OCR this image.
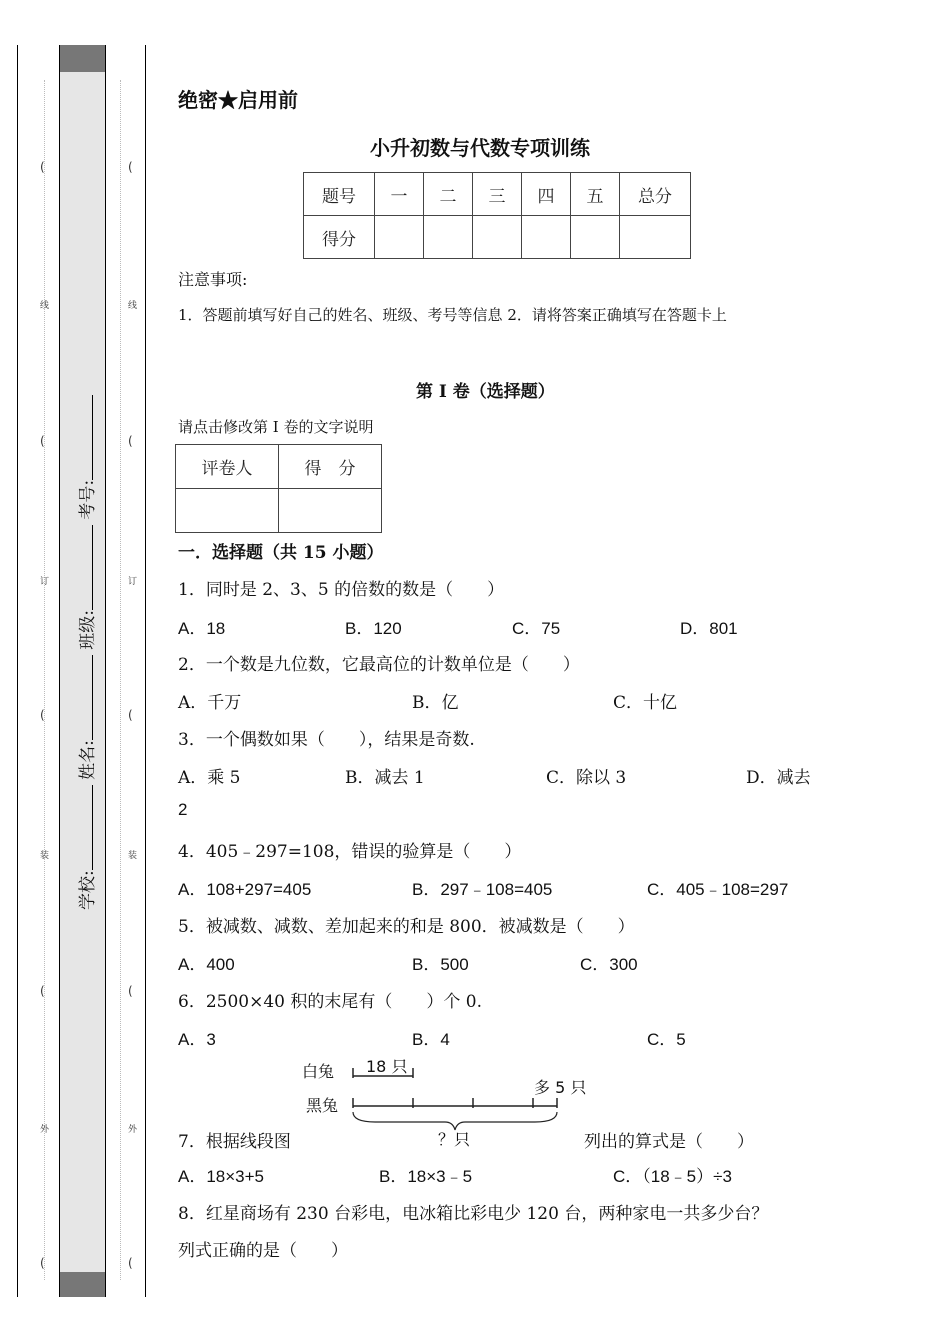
(	(
线	线
(	(
订	订
(	(
装	装
(	(
外	外
(	(
学校: 姓名: 班级: 考号:
绝密★启用前
小升初数与代数专项训练
题号	一	二	三	四	五	总分
得分						
注意事项:
1．答题前填写好自己的姓名、班级、考号等信息 2．请将答案正确填写在答题卡上
第 I 卷（选择题）
请点击修改第 I 卷的文字说明
评卷人	得　分

一．选择题（共 15 小题）
1．同时是 2、3、5 的倍数的数是（　　）
A．18	B．120	C．75	D．801
2．一个数是九位数，它最高位的计数单位是（　　）
A．千万	B．亿	C．十亿
3．一个偶数如果（　　），结果是奇数.
A．乘 5	B．减去 1	C．除以 3	D．减去
2
4．405﹣297=108，错误的验算是（　　）
A．108+297=405	B．297﹣108=405	C．405﹣108=297
5．被减数、减数、差加起来的和是 800．被减数是（　　）
A．400	B．500	C．300
6．2500×40 积的末尾有（　　）个 0.
A．3	B．4	C．5
白兔
黑兔
18 只
多 5 只
？只
7．根据线段图	列出的算式是（　　）
A．18×3+5	B．18×3﹣5	C．（18﹣5）÷3
8．红星商场有 230 台彩电，电冰箱比彩电少 120 台，两种家电一共多少台？
列式正确的是（　　）
